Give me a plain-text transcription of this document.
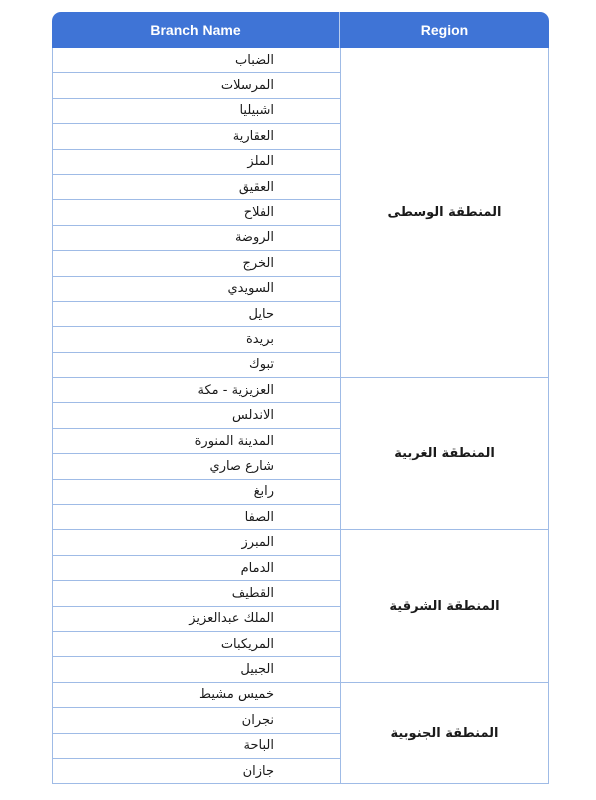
Branch Name	Region
الضباب	المنطقة الوسطى
المرسلات	
اشبيليا	
العقارية	
الملز	
العقيق	
الفلاح	
الروضة	
الخرج	
السويدي	
حايل	
بريدة	
تبوك	
العزيزية - مكة	المنطقة الغربية
الاندلس	
المدينة المنورة	
شارع صاري	
رابغ	
الصفا	
المبرز	المنطقة الشرقية
الدمام	
القطيف	
الملك عبدالعزيز	
المريكبات	
الجبيل	
خميس مشيط	المنطقة الجنوبية
نجران	
الباحة	
جازان	
